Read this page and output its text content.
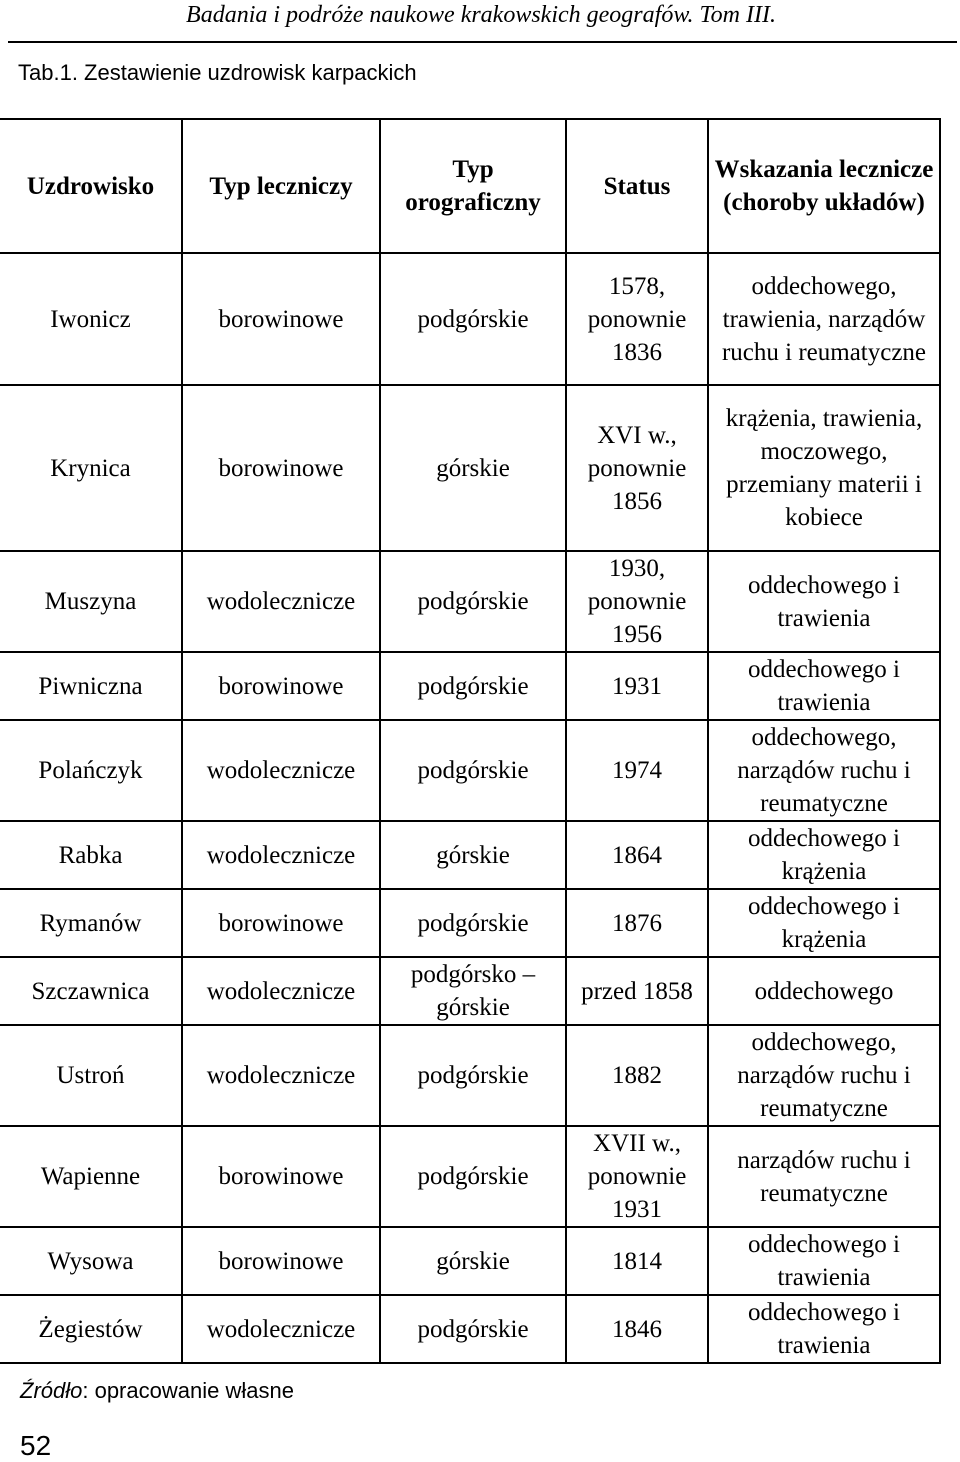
Badania i podróże naukowe krakowskich geografów. Tom III.
Tab.1. Zestawienie uzdrowisk karpackich
Uzdrowisko	Typ leczniczy	Typ orograficzny	Status	Wskazania lecznicze (choroby układów)
Iwonicz	borowinowe	podgórskie	1578, ponownie 1836	oddechowego, trawienia, narządów ruchu i reumatyczne
Krynica	borowinowe	górskie	XVI w., ponownie 1856	krążenia, trawienia, moczowego, przemiany materii i kobiece
Muszyna	wodolecznicze	podgórskie	1930, ponownie 1956	oddechowego i trawienia
Piwniczna	borowinowe	podgórskie	1931	oddechowego i trawienia
Polańczyk	wodolecznicze	podgórskie	1974	oddechowego, narządów ruchu i reumatyczne
Rabka	wodolecznicze	górskie	1864	oddechowego i krążenia
Rymanów	borowinowe	podgórskie	1876	oddechowego i krążenia
Szczawnica	wodolecznicze	podgórsko – górskie	przed 1858	oddechowego
Ustroń	wodolecznicze	podgórskie	1882	oddechowego, narządów ruchu i reumatyczne
Wapienne	borowinowe	podgórskie	XVII w., ponownie 1931	narządów ruchu i reumatyczne
Wysowa	borowinowe	górskie	1814	oddechowego i trawienia
Żegiestów	wodolecznicze	podgórskie	1846	oddechowego i trawienia
Źródło: opracowanie własne
52
